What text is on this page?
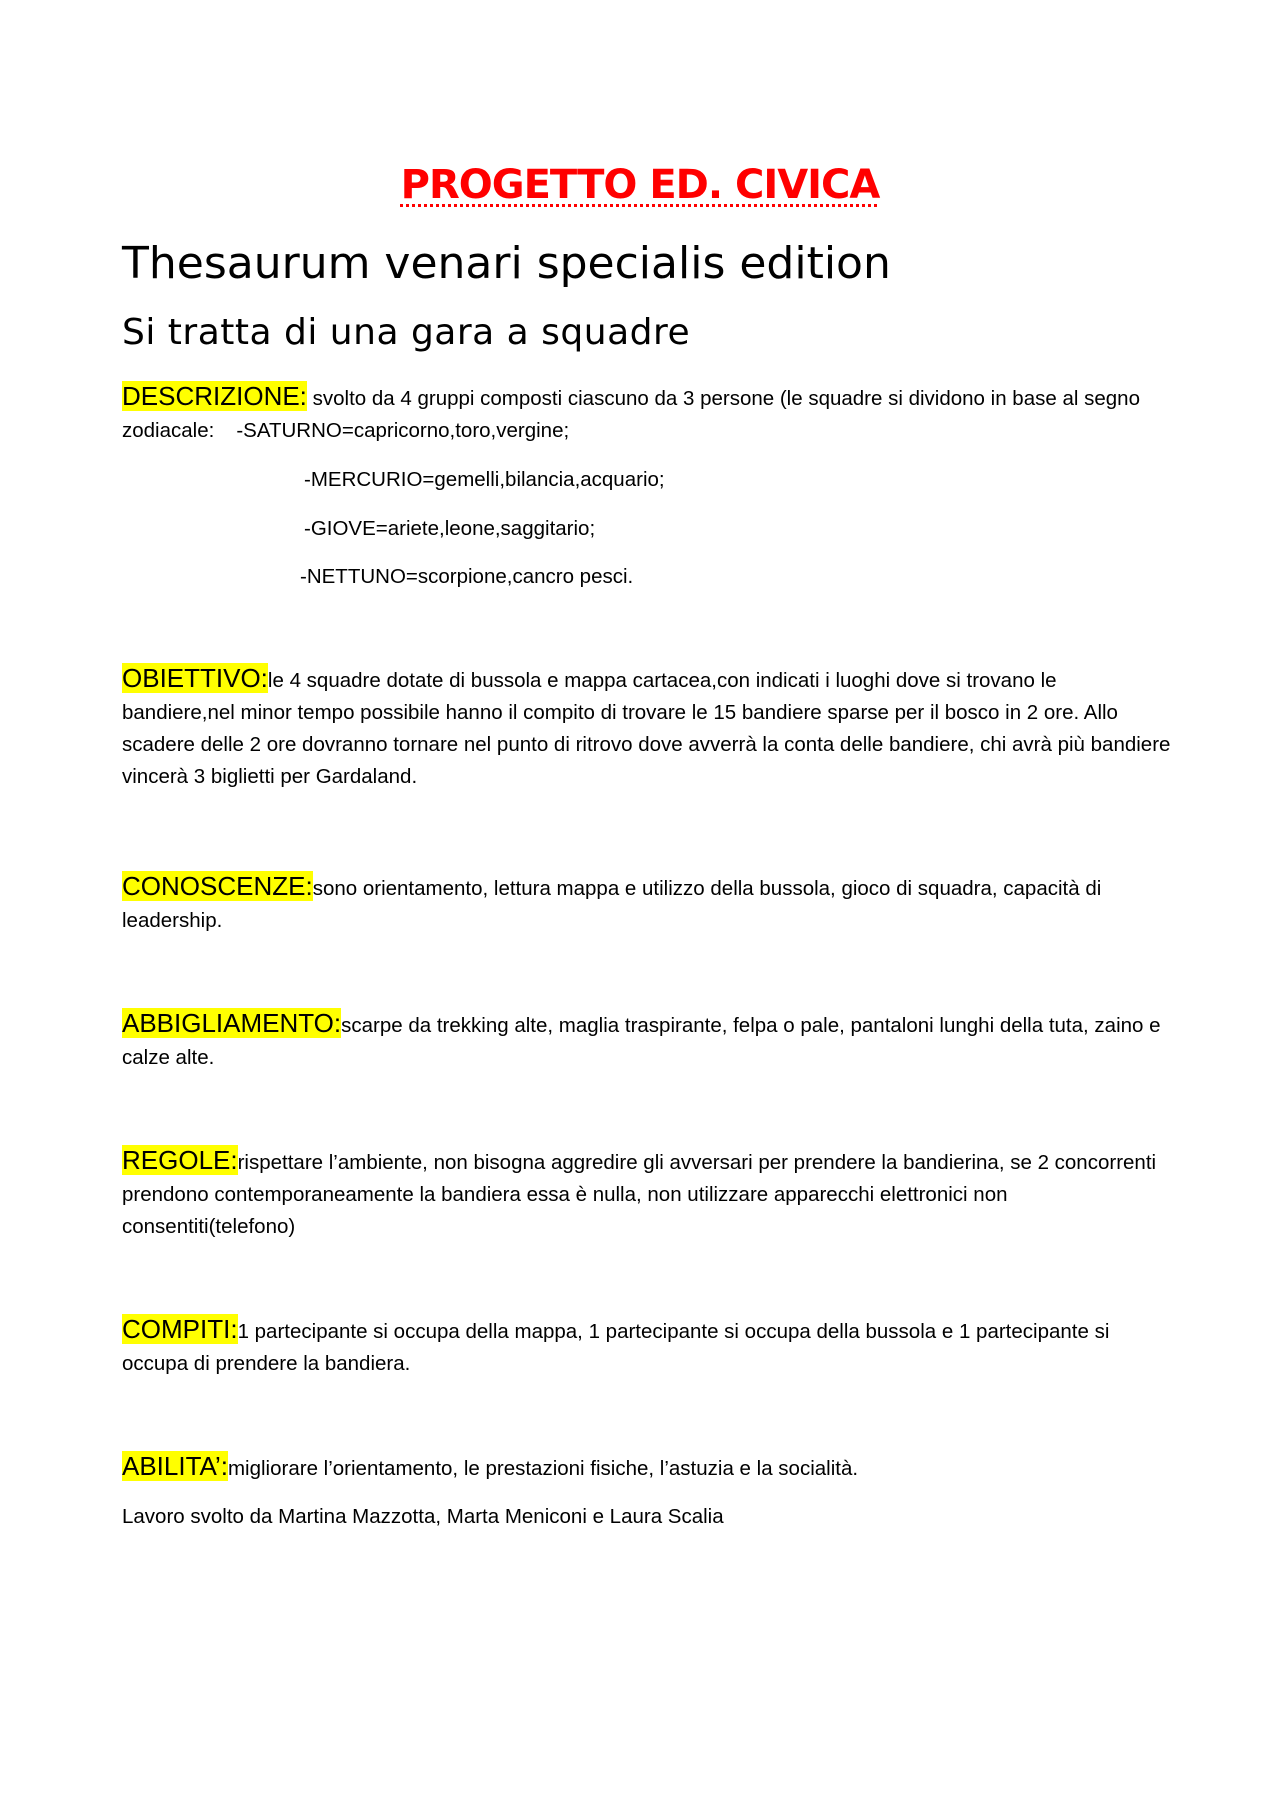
PROGETTO ED. CIVICA
Thesaurum venari specialis edition
Si tratta di una gara a squadre
DESCRIZIONE: svolto da 4 gruppi composti ciascuno da 3 persone (le squadre si dividono in base al segno zodiacale: -SATURNO=capricorno,toro,vergine;
-MERCURIO=gemelli,bilancia,acquario;
-GIOVE=ariete,leone,saggitario;
-NETTUNO=scorpione,cancro pesci.
OBIETTIVO:le 4 squadre dotate di bussola e mappa cartacea,con indicati i luoghi dove si trovano le bandiere,nel minor tempo possibile hanno il compito di trovare le 15 bandiere sparse per il bosco in 2 ore. Allo scadere delle 2 ore dovranno tornare nel punto di ritrovo dove avverrà la conta delle bandiere, chi avrà più bandiere vincerà 3 biglietti per Gardaland.
CONOSCENZE:sono orientamento, lettura mappa e utilizzo della bussola, gioco di squadra, capacità di leadership.
ABBIGLIAMENTO:scarpe da trekking alte, maglia traspirante, felpa o pale, pantaloni lunghi della tuta, zaino e calze alte.
REGOLE:rispettare l’ambiente, non bisogna aggredire gli avversari per prendere la bandierina, se 2 concorrenti prendono contemporaneamente la bandiera essa è nulla, non utilizzare apparecchi elettronici non consentiti(telefono)
COMPITI:1 partecipante si occupa della mappa, 1 partecipante si occupa della bussola e 1 partecipante si occupa di prendere la bandiera.
ABILITA’:migliorare l’orientamento, le prestazioni fisiche, l’astuzia e la socialità.
Lavoro svolto da Martina Mazzotta, Marta Meniconi e Laura Scalia
